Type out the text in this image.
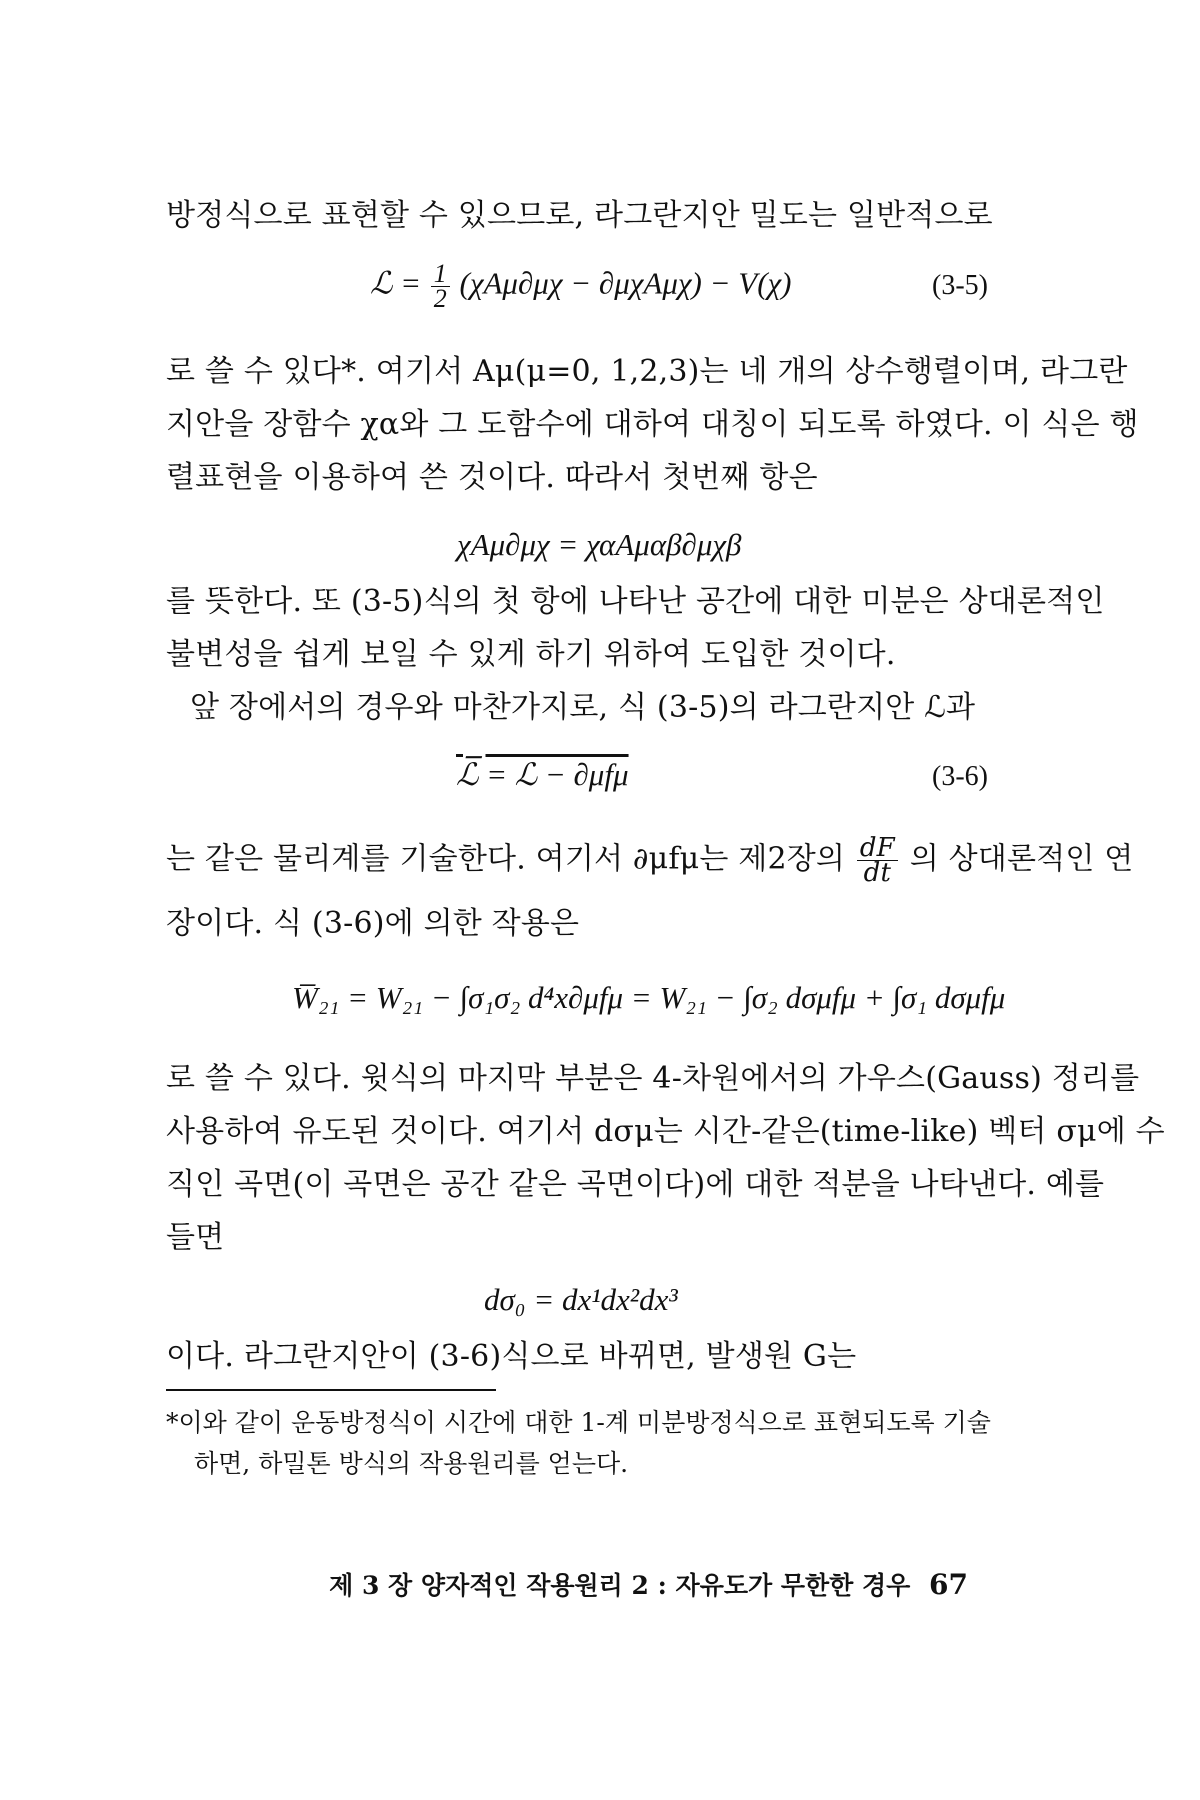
방정식으로 표현할 수 있으므로, 라그란지안 밀도는 일반적으로
ℒ = $\frac{1}{2} (\chi A\mu\partial\mu\chi - \partial\mu\chi A\mu\chi) - V(\chi)$	(3-5)
로 쓸 수 있다*. 여기서 Aμ(μ=0, 1,2,3)는 네 개의 상수행렬이며, 라그란
지안을 장함수 χα와 그 도함수에 대하여 대칭이 되도록 하였다. 이 식은 행
렬표현을 이용하여 쓴 것이다. 따라서 첫번째 항은
χAμ∂μχ = χαAμαβ∂μχβ
를 뜻한다. 또 (3-5)식의 첫 항에 나타난 공간에 대한 미분은 상대론적인
불변성을 쉽게 보일 수 있게 하기 위하여 도입한 것이다.
앞 장에서의 경우와 마찬가지로, 식 (3-5)의 라그란지안 ℒ과
ℒ̅ = ℒ − ∂μfμ	(3-6)
는 같은 물리계를 기술한다. 여기서 ∂μfμ는 제2장의 $\frac{dF}{dt}$ 의 상대론적인 연
장이다. 식 (3-6)에 의한 작용은
W̅₂₁ = W₂₁ − ∫σ₁σ₂ d⁴x∂μfμ = W₂₁ − ∫σ₂ dσμfμ + ∫σ₁ dσμfμ
로 쓸 수 있다. 윗식의 마지막 부분은 4-차원에서의 가우스(Gauss) 정리를
사용하여 유도된 것이다. 여기서 dσμ는 시간-같은(time-like) 벡터 σμ에 수
직인 곡면(이 곡면은 공간 같은 곡면이다)에 대한 적분을 나타낸다. 예를
들면
dσ₀ = dx¹dx²dx³
이다. 라그란지안이 (3-6)식으로 바뀌면, 발생원 G는
*이와 같이 운동방정식이 시간에 대한 1-계 미분방정식으로 표현되도록 기술
하면, 하밀톤 방식의 작용원리를 얻는다.
제 3 장 양자적인 작용원리 2 : 자유도가 무한한 경우 67
